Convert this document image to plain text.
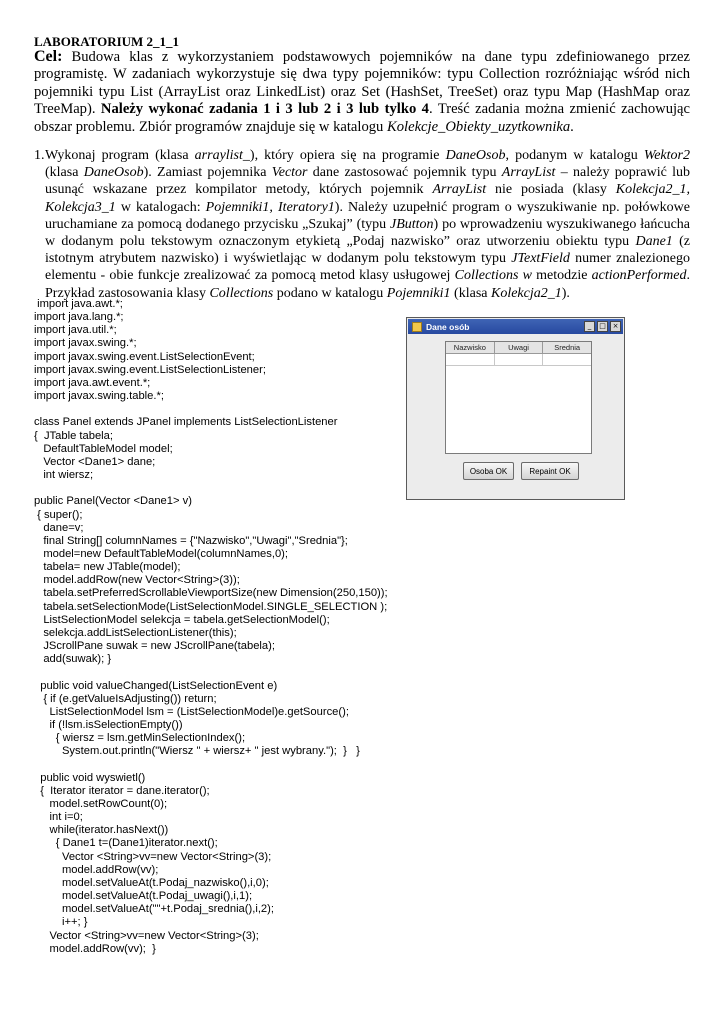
LABORATORIUM 2_1_1
Cel: Budowa klas z wykorzystaniem podstawowych pojemników na dane typu zdefiniowanego przez programistę. W zadaniach wykorzystuje się dwa typy pojemników: typu Collection rozróżniając wśród nich pojemniki typu List (ArrayList oraz LinkedList) oraz Set (HashSet, TreeSet) oraz typu Map (HashMap oraz TreeMap). Należy wykonać zadania 1 i 3 lub 2 i 3 lub tylko 4. Treść zadania można zmienić zachowując obszar problemu. Zbiór programów znajduje się w katalogu Kolekcje_Obiekty_uzytkownika.
1. Wykonaj program (klasa arraylist_), który opiera się na programie DaneOsob, podanym w katalogu Wektor2 (klasa DaneOsob). Zamiast pojemnika Vector dane zastosować pojemnik typu ArrayList – należy poprawić lub usunąć wskazane przez kompilator metody, których pojemnik ArrayList nie posiada (klasy Kolekcja2_1, Kolekcja3_1 w katalogach: Pojemniki1, Iteratory1). Należy uzupełnić program o wyszukiwanie np. połówkowe uruchamiane za pomocą dodanego przycisku „Szukaj” (typu JButton) po wprowadzeniu wyszukiwanego łańcucha w dodanym polu tekstowym oznaczonym etykietą „Podaj nazwisko” oraz utworzeniu obiektu typu Dane1 (z istotnym atrybutem nazwisko) i wyświetlając w dodanym polu tekstowym typu JTextField numer znalezionego elementu - obie funkcje zrealizować za pomocą metod klasy usługowej Collections w metodzie actionPerformed. Przykład zastosowania klasy Collections podano w katalogu Pojemniki1 (klasa Kolekcja2_1).
import java.awt.*;
import java.lang.*;
import java.util.*;
import javax.swing.*;
import javax.swing.event.ListSelectionEvent;
import javax.swing.event.ListSelectionListener;
import java.awt.event.*;
import javax.swing.table.*;

class Panel extends JPanel implements ListSelectionListener
{  JTable tabela;
DefaultTableModel model;
Vector <Dane1> dane;
int wiersz;

public Panel(Vector <Dane1> v)
{ super();
dane=v;
final String[] columnNames = {"Nazwisko","Uwagi","Srednia"};
model=new DefaultTableModel(columnNames,0);
tabela= new JTable(model);
model.addRow(new Vector<String>(3));
tabela.setPreferredScrollableViewportSize(new Dimension(250,150));
tabela.setSelectionMode(ListSelectionModel.SINGLE_SELECTION );
ListSelectionModel selekcja = tabela.getSelectionModel();
selekcja.addListSelectionListener(this);
JScrollPane suwak = new JScrollPane(tabela);
add(suwak); }

public void valueChanged(ListSelectionEvent e)
{ if (e.getValueIsAdjusting()) return;
ListSelectionModel lsm = (ListSelectionModel)e.getSource();
if (!lsm.isSelectionEmpty())
{ wiersz = lsm.getMinSelectionIndex();
System.out.println("Wiersz " + wiersz+ " jest wybrany.");  }   }

public void wyswietl()
{  Iterator iterator = dane.iterator();
model.setRowCount(0);
int i=0;
while(iterator.hasNext())
{ Dane1 t=(Dane1)iterator.next();
Vector <String>vv=new Vector<String>(3);
model.addRow(vv);
model.setValueAt(t.Podaj_nazwisko(),i,0);
model.setValueAt(t.Podaj_uwagi(),i,1);
model.setValueAt(""+t.Podaj_srednia(),i,2);
i++; }
Vector <String>vv=new Vector<String>(3);
model.addRow(vv);  }
Dane osób	_	□ ×
Nazwisko	Uwagi	Srednia
Osoba OK	Repaint OK
